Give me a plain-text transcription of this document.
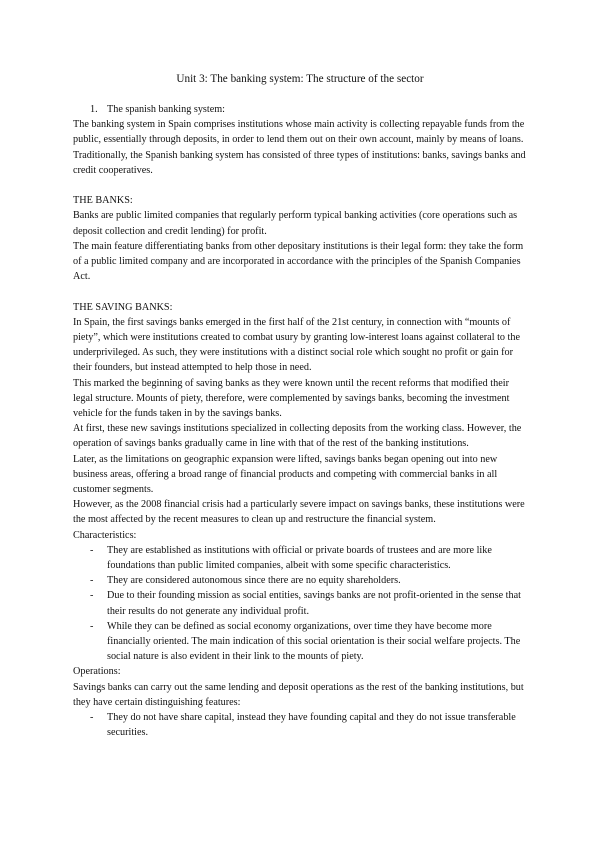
Unit 3: The banking system: The structure of the sector

1. The spanish banking system:

The banking system in Spain comprises institutions whose main activity is collecting repayable funds from the public, essentially through deposits, in order to lend them out on their own account, mainly by means of loans.

Traditionally, the Spanish banking system has consisted of three types of institutions: banks, savings banks and credit cooperatives.

THE BANKS:

Banks are public limited companies that regularly perform typical banking activities (core operations such as deposit collection and credit lending) for profit.

The main feature differentiating banks from other depositary institutions is their legal form: they take the form of a public limited company and are incorporated in accordance with the principles of the Spanish Companies Act.

THE SAVING BANKS:

In Spain, the first savings banks emerged in the first half of the 21st century, in connection with “mounts of piety”, which were institutions created to combat usury by granting low-interest loans against collateral to the underprivileged. As such, they were institutions with a distinct social role which sought no profit or gain for their founders, but instead attempted to help those in need.

This marked the beginning of saving banks as they were known until the recent reforms that modified their legal structure. Mounts of piety, therefore, were complemented by savings banks, becoming the investment vehicle for the funds taken in by the savings banks.

At first, these new savings institutions specialized in collecting deposits from the working class. However, the operation of savings banks gradually came in line with that of the rest of the banking institutions.

Later, as the limitations on geographic expansion were lifted, savings banks began opening out into new business areas, offering a broad range of financial products and competing with commercial banks in all customer segments.

However, as the 2008 financial crisis had a particularly severe impact on savings banks, these institutions were the most affected by the recent measures to clean up and restructure the financial system.

Characteristics:

- They are established as institutions with official or private boards of trustees and are more like foundations than public limited companies, albeit with some specific characteristics.
- They are considered autonomous since there are no equity shareholders.
- Due to their founding mission as social entities, savings banks are not profit-oriented in the sense that their results do not generate any individual profit.
- While they can be defined as social economy organizations, over time they have become more financially oriented. The main indication of this social orientation is their social welfare projects. The social nature is also evident in their link to the mounts of piety.

Operations:

Savings banks can carry out the same lending and deposit operations as the rest of the banking institutions, but they have certain distinguishing features:

- They do not have share capital, instead they have founding capital and they do not issue transferable securities.
